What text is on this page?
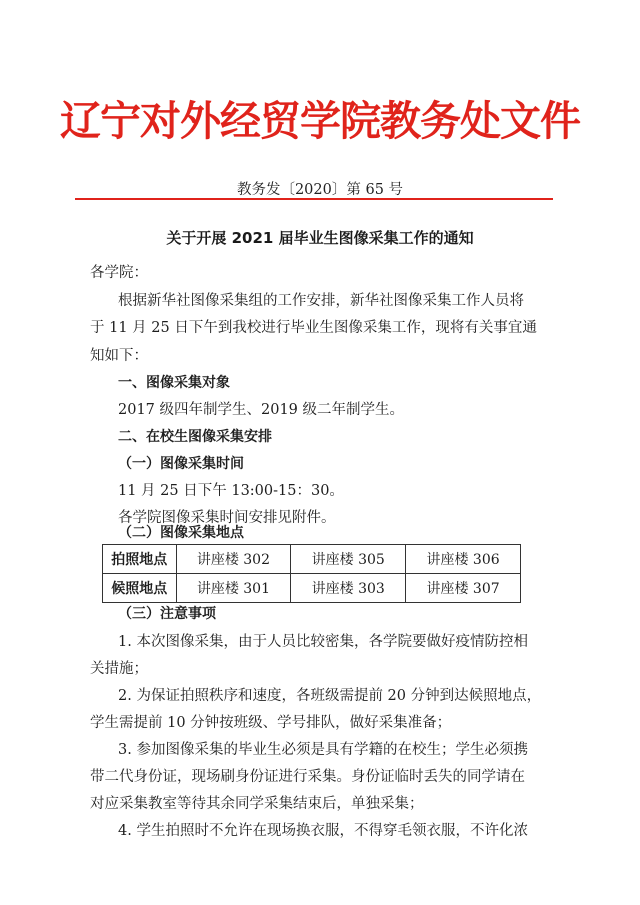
辽宁对外经贸学院教务处文件
教务发〔2020〕第 65 号
关于开展 2021 届毕业生图像采集工作的通知
各学院：
根据新华社图像采集组的工作安排，新华社图像采集工作人员将
于 11 月 25 日下午到我校进行毕业生图像采集工作，现将有关事宜通
知如下：
一、图像采集对象
2017 级四年制学生、2019 级二年制学生。
二、在校生图像采集安排
（一）图像采集时间
11 月 25 日下午 13:00-15：30。
各学院图像采集时间安排见附件。
（二）图像采集地点
拍照地点	讲座楼 302	讲座楼 305	讲座楼 306
候照地点	讲座楼 301	讲座楼 303	讲座楼 307
（三）注意事项
1. 本次图像采集，由于人员比较密集，各学院要做好疫情防控相
关措施；
2. 为保证拍照秩序和速度，各班级需提前 20 分钟到达候照地点，
学生需提前 10 分钟按班级、学号排队，做好采集准备；
3. 参加图像采集的毕业生必须是具有学籍的在校生；学生必须携
带二代身份证，现场刷身份证进行采集。身份证临时丢失的同学请在
对应采集教室等待其余同学采集结束后，单独采集；
4. 学生拍照时不允许在现场换衣服，不得穿毛领衣服，不许化浓
